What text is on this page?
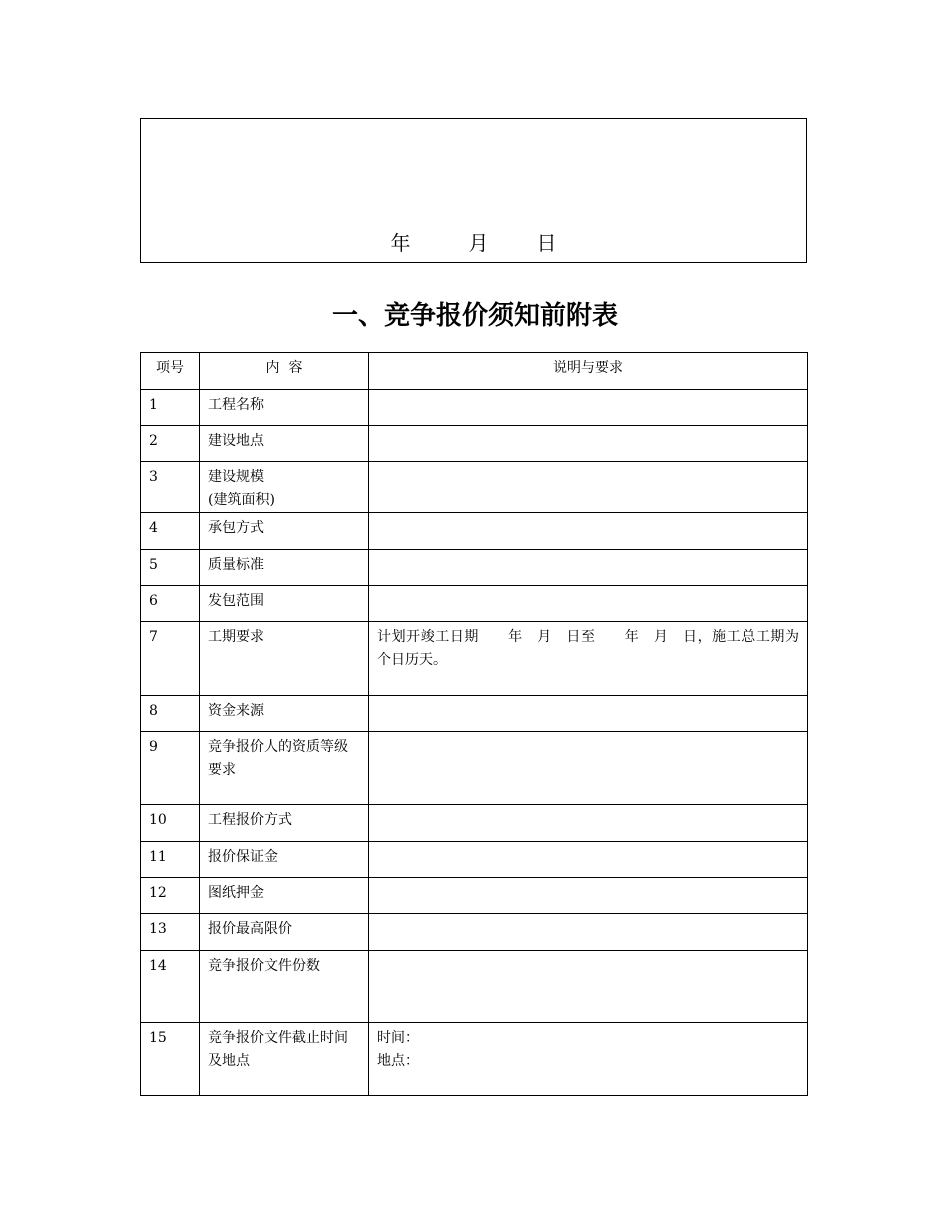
年	月 日
一、竞争报价须知前附表
项号	内  容	说明与要求
1	工程名称	
2	建设地点	
3	建设规模
(建筑面积)	
4	承包方式	
5	质量标准	
6	发包范围	
7	工期要求	计划开竣工日期　　年　月　日至　　年　月　日，施工总工期为　　个日历天。
8	资金来源	
9	竞争报价人的资质等级要求	
10	工程报价方式	
11	报价保证金	
12	图纸押金	
13	报价最高限价	
14	竞争报价文件份数	
15	竞争报价文件截止时间及地点	时间：
地点：
